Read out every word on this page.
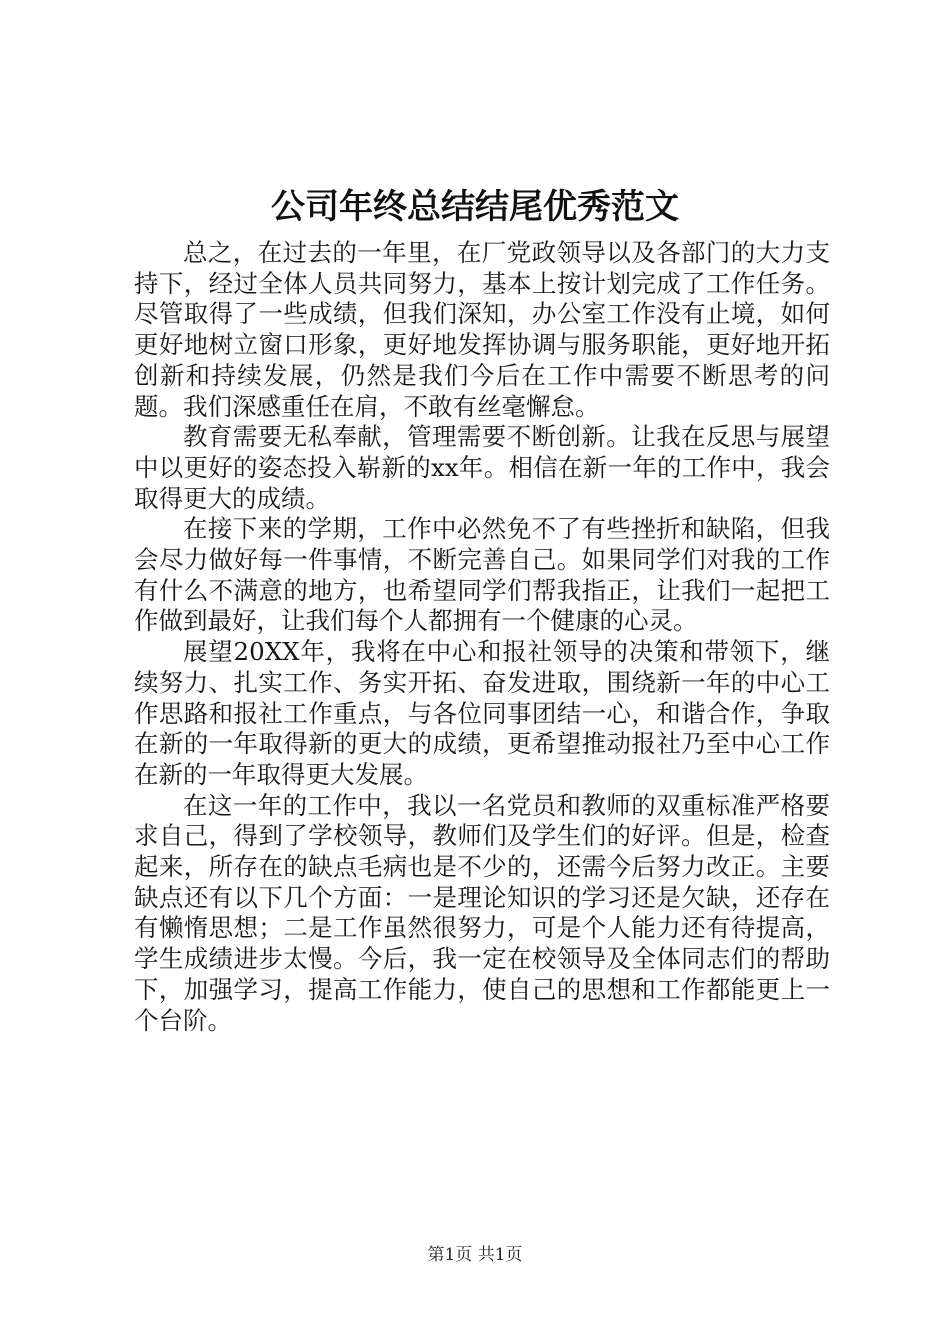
公司年终总结结尾优秀范文

总之，在过去的一年里，在厂党政领导以及各部门的大力支持下，经过全体人员共同努力，基本上按计划完成了工作任务。尽管取得了一些成绩，但我们深知，办公室工作没有止境，如何更好地树立窗口形象，更好地发挥协调与服务职能，更好地开拓创新和持续发展，仍然是我们今后在工作中需要不断思考的问题。我们深感重任在肩，不敢有丝毫懈怠。

教育需要无私奉献，管理需要不断创新。让我在反思与展望中以更好的姿态投入崭新的xx年。相信在新一年的工作中，我会取得更大的成绩。

在接下来的学期，工作中必然免不了有些挫折和缺陷，但我会尽力做好每一件事情，不断完善自己。如果同学们对我的工作有什么不满意的地方，也希望同学们帮我指正，让我们一起把工作做到最好，让我们每个人都拥有一个健康的心灵。

展望20XX年，我将在中心和报社领导的决策和带领下，继续努力、扎实工作、务实开拓、奋发进取，围绕新一年的中心工作思路和报社工作重点，与各位同事团结一心，和谐合作，争取在新的一年取得新的更大的成绩，更希望推动报社乃至中心工作在新的一年取得更大发展。

在这一年的工作中，我以一名党员和教师的双重标准严格要求自己，得到了学校领导，教师们及学生们的好评。但是，检查起来，所存在的缺点毛病也是不少的，还需今后努力改正。主要缺点还有以下几个方面：一是理论知识的学习还是欠缺，还存在有懒惰思想；二是工作虽然很努力，可是个人能力还有待提高，学生成绩进步太慢。今后，我一定在校领导及全体同志们的帮助下，加强学习，提高工作能力，使自己的思想和工作都能更上一个台阶。

第1页 共1页
